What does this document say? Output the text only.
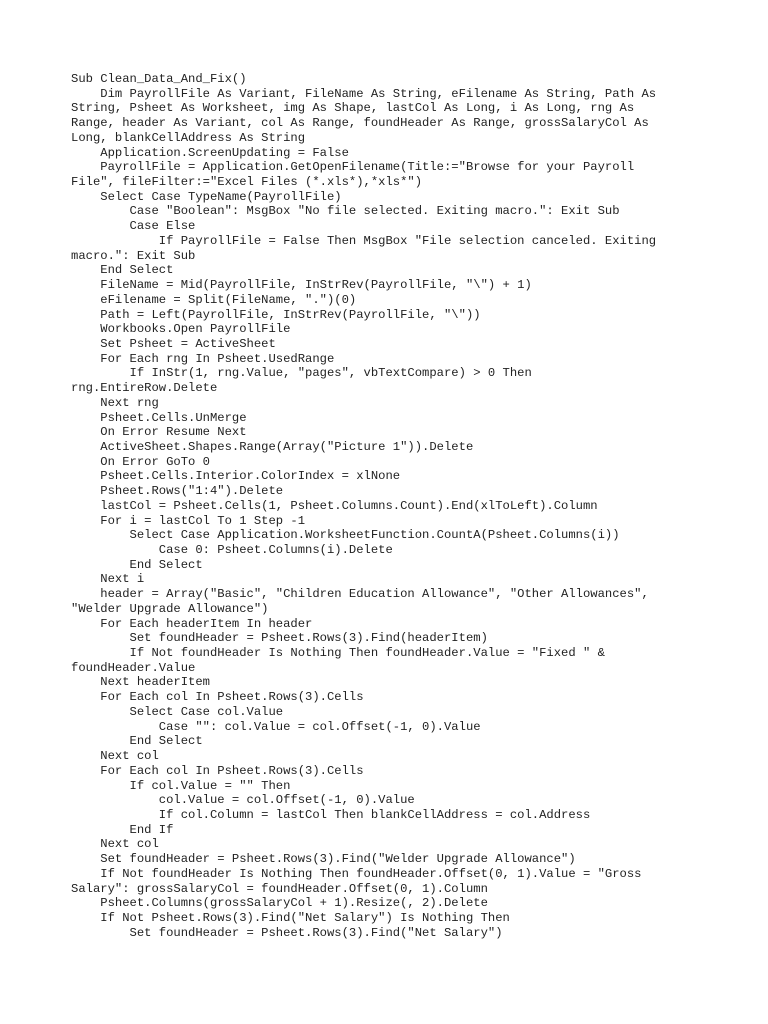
Sub Clean_Data_And_Fix()
Dim PayrollFile As Variant, FileName As String, eFilename As String, Path As
String, Psheet As Worksheet, img As Shape, lastCol As Long, i As Long, rng As
Range, header As Variant, col As Range, foundHeader As Range, grossSalaryCol As
Long, blankCellAddress As String
Application.ScreenUpdating = False
PayrollFile = Application.GetOpenFilename(Title:="Browse for your Payroll
File", fileFilter:="Excel Files (*.xls*),*xls*")
Select Case TypeName(PayrollFile)
Case "Boolean": MsgBox "No file selected. Exiting macro.": Exit Sub
Case Else
If PayrollFile = False Then MsgBox "File selection canceled. Exiting
macro.": Exit Sub
End Select
FileName = Mid(PayrollFile, InStrRev(PayrollFile, "\") + 1)
eFilename = Split(FileName, ".")(0)
Path = Left(PayrollFile, InStrRev(PayrollFile, "\"))
Workbooks.Open PayrollFile
Set Psheet = ActiveSheet
For Each rng In Psheet.UsedRange
If InStr(1, rng.Value, "pages", vbTextCompare) > 0 Then
rng.EntireRow.Delete
Next rng
Psheet.Cells.UnMerge
On Error Resume Next
ActiveSheet.Shapes.Range(Array("Picture 1")).Delete
On Error GoTo 0
Psheet.Cells.Interior.ColorIndex = xlNone
Psheet.Rows("1:4").Delete
lastCol = Psheet.Cells(1, Psheet.Columns.Count).End(xlToLeft).Column
For i = lastCol To 1 Step -1
Select Case Application.WorksheetFunction.CountA(Psheet.Columns(i))
Case 0: Psheet.Columns(i).Delete
End Select
Next i
header = Array("Basic", "Children Education Allowance", "Other Allowances",
"Welder Upgrade Allowance")
For Each headerItem In header
Set foundHeader = Psheet.Rows(3).Find(headerItem)
If Not foundHeader Is Nothing Then foundHeader.Value = "Fixed " &
foundHeader.Value
Next headerItem
For Each col In Psheet.Rows(3).Cells
Select Case col.Value
Case "": col.Value = col.Offset(-1, 0).Value
End Select
Next col
For Each col In Psheet.Rows(3).Cells
If col.Value = "" Then
col.Value = col.Offset(-1, 0).Value
If col.Column = lastCol Then blankCellAddress = col.Address
End If
Next col
Set foundHeader = Psheet.Rows(3).Find("Welder Upgrade Allowance")
If Not foundHeader Is Nothing Then foundHeader.Offset(0, 1).Value = "Gross
Salary": grossSalaryCol = foundHeader.Offset(0, 1).Column
Psheet.Columns(grossSalaryCol + 1).Resize(, 2).Delete
If Not Psheet.Rows(3).Find("Net Salary") Is Nothing Then
Set foundHeader = Psheet.Rows(3).Find("Net Salary")
